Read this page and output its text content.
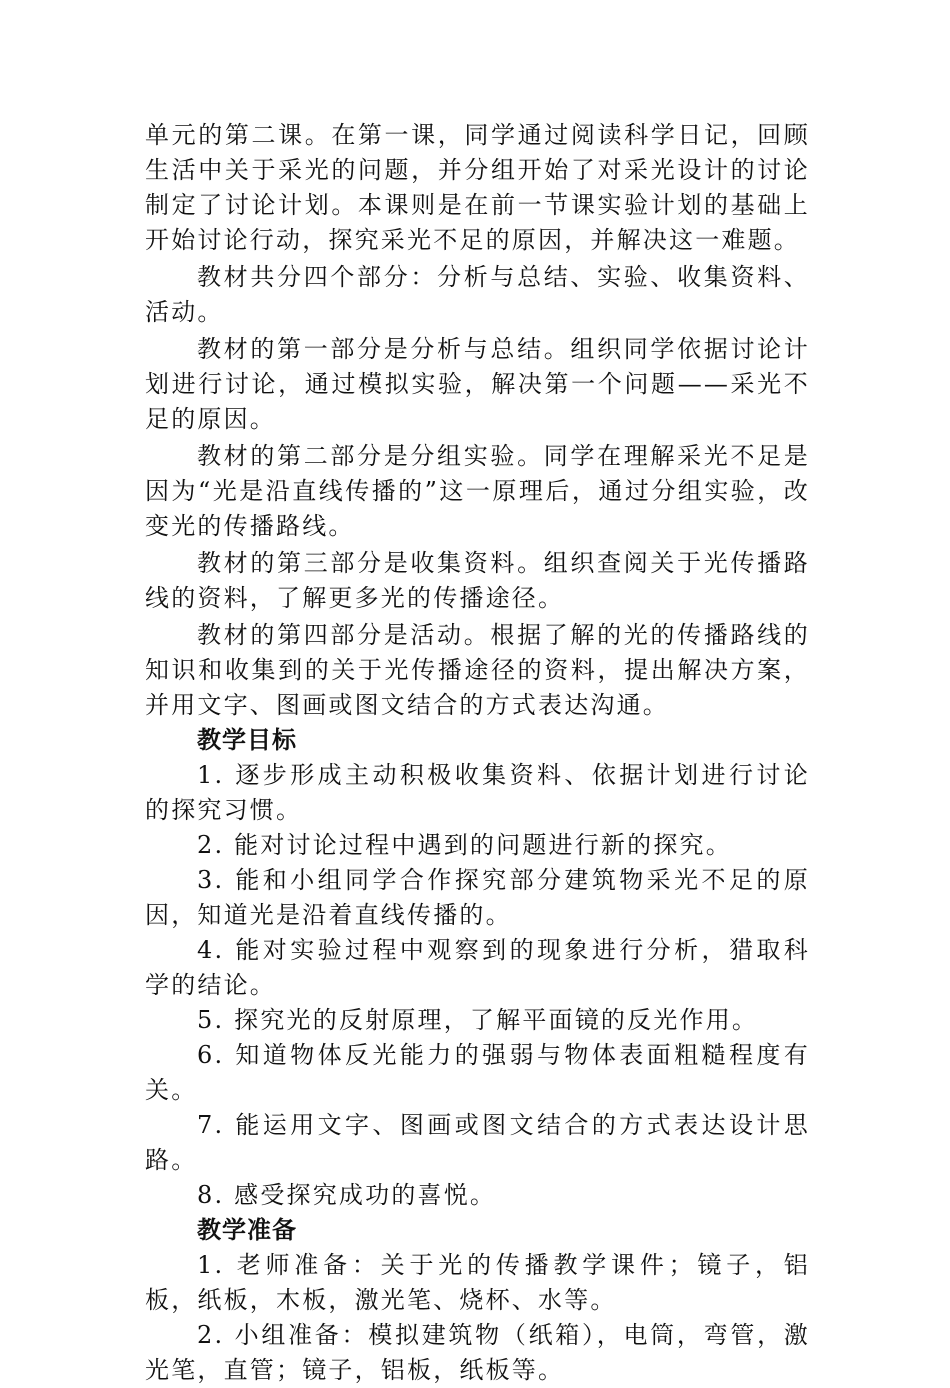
单元的第二课。在第一课，同学通过阅读科学日记，回顾生活中关于采光的问题，并分组开始了对采光设计的讨论制定了讨论计划。本课则是在前一节课实验计划的基础上开始讨论行动，探究采光不足的原因，并解决这一难题。

教材共分四个部分：分析与总结、实验、收集资料、活动。

教材的第一部分是分析与总结。组织同学依据讨论计划进行讨论，通过模拟实验，解决第一个问题——采光不足的原因。

教材的第二部分是分组实验。同学在理解采光不足是因为“光是沿直线传播的”这一原理后，通过分组实验，改变光的传播路线。

教材的第三部分是收集资料。组织查阅关于光传播路线的资料，了解更多光的传播途径。

教材的第四部分是活动。根据了解的光的传播路线的知识和收集到的关于光传播途径的资料，提出解决方案，并用文字、图画或图文结合的方式表达沟通。

教学目标

1. 逐步形成主动积极收集资料、依据计划进行讨论的探究习惯。

2. 能对讨论过程中遇到的问题进行新的探究。

3. 能和小组同学合作探究部分建筑物采光不足的原因，知道光是沿着直线传播的。

4. 能对实验过程中观察到的现象进行分析，猎取科学的结论。

5. 探究光的反射原理，了解平面镜的反光作用。

6. 知道物体反光能力的强弱与物体表面粗糙程度有关。

7. 能运用文字、图画或图文结合的方式表达设计思路。

8. 感受探究成功的喜悦。

教学准备

1. 老师准备：关于光的传播教学课件；镜子，铝板，纸板，木板，激光笔、烧杯、水等。

2. 小组准备：模拟建筑物（纸箱），电筒，弯管，激光笔，直管；镜子，铝板，纸板等。
